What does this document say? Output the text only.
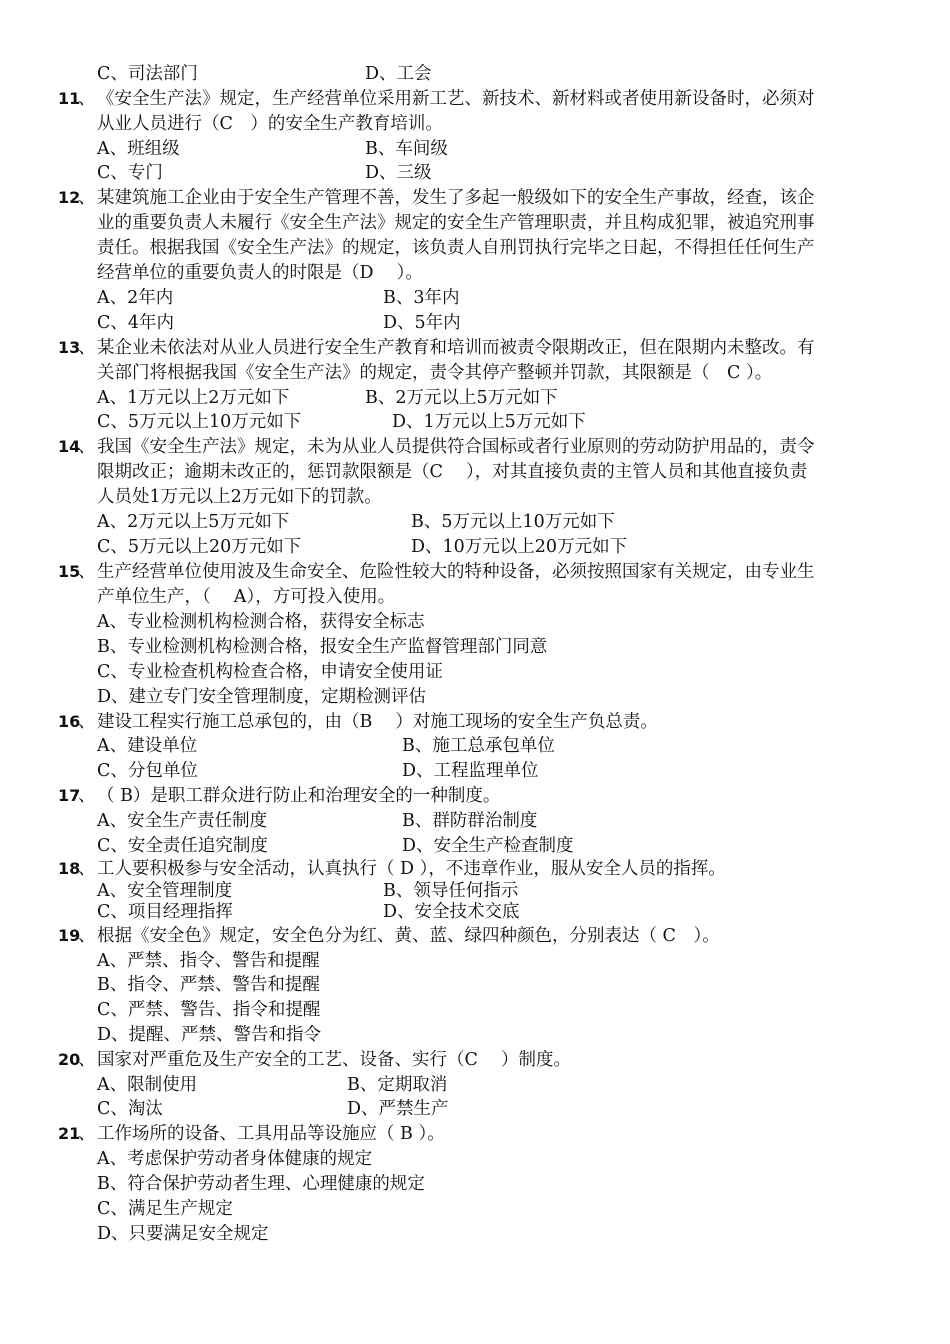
C、司法部门	D、工会
11
、 《安全生产法》规定，生产经营单位采用新工艺、新技术、新材料或者使用新设备时，必须对
从业人员进行（C　）的安全生产教育培训。
A、班组级	B、车间级
C、专门	D、三级
12
、 某建筑施工企业由于安全生产管理不善，发生了多起一般级如下的安全生产事故，经查，该企
业的重要负责人未履行《安全生产法》规定的安全生产管理职责，并且构成犯罪，被追究刑事
责任。根据我国《安全生产法》的规定，该负责人自刑罚执行完毕之日起，不得担任任何生产
经营单位的重要负责人的时限是（D　 ）。
A、2年内	B、3年内
C、4年内	D、5年内
13
、 某企业未依法对从业人员进行安全生产教育和培训而被责令限期改正，但在限期内未整改。有
关部门将根据我国《安全生产法》的规定，责令其停产整顿并罚款，其限额是（　C ）。
A、1万元以上2万元如下	B、2万元以上5万元如下
C、5万元以上10万元如下	D、1万元以上5万元如下
14
、 我国《安全生产法》规定，未为从业人员提供符合国标或者行业原则的劳动防护用品的，责令
限期改正；逾期未改正的，惩罚款限额是（C　 ），对其直接负责的主管人员和其他直接负责
人员处1万元以上2万元如下的罚款。
A、2万元以上5万元如下	B、5万元以上10万元如下
C、5万元以上20万元如下	D、10万元以上20万元如下
15
、 生产经营单位使用波及生命安全、危险性较大的特种设备，必须按照国家有关规定，由专业生
产单位生产，（　 A），方可投入使用。
A、专业检测机构检测合格，获得安全标志
B、专业检测机构检测合格，报安全生产监督管理部门同意
C、专业检查机构检查合格，申请安全使用证
D、建立专门安全管理制度，定期检测评估
16
、 建设工程实行施工总承包的，由（B　 ）对施工现场的安全生产负总责。
A、建设单位	B、施工总承包单位
C、分包单位	D、工程监理单位
17
、 （ B）是职工群众进行防止和治理安全的一种制度。
A、安全生产责任制度	B、群防群治制度
C、安全责任追究制度	D、安全生产检查制度
18
、 工人要积极参与安全活动，认真执行（ D ），不违章作业，服从安全人员的指挥。
A、安全管理制度	B、领导任何指示
C、项目经理指挥	D、安全技术交底
19
、 根据《安全色》规定，安全色分为红、黄、蓝、绿四种颜色，分别表达（ C　）。
A、严禁、指令、警告和提醒
B、指令、严禁、警告和提醒
C、严禁、警告、指令和提醒
D、提醒、严禁、警告和指令
20
、 国家对严重危及生产安全的工艺、设备、实行（C　 ）制度。
A、限制使用	B、定期取消
C、淘汰	D、严禁生产
21
、 工作场所的设备、工具用品等设施应（ B ）。
A、考虑保护劳动者身体健康的规定
B、符合保护劳动者生理、心理健康的规定
C、满足生产规定
D、只要满足安全规定
